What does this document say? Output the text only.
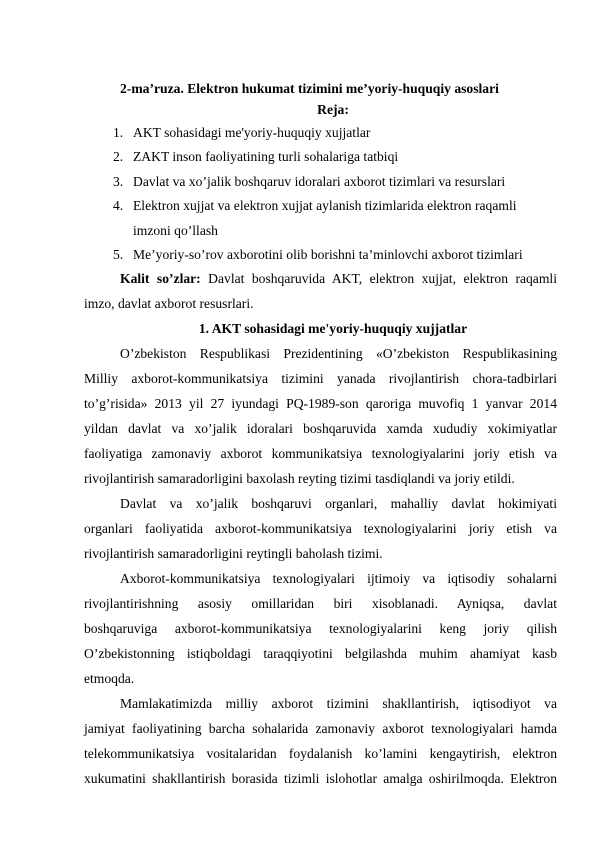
2-ma’ruza. Elektron hukumat tizimini me’yoriy-huquqiy asoslari
Reja:
1. AKT sohasidagi me'yoriy-huquqiy xujjatlar
2. ZAKT inson faoliyatining turli sohalariga tatbiqi
3. Davlat va xo’jalik boshqaruv idoralari axborot tizimlari va resurslari
4. Elektron xujjat va elektron xujjat aylanish tizimlarida elektron raqamli
imzoni qo’llash
5. Me’yoriy-so’rov axborotini olib borishni ta’minlovchi axborot tizimlari
Kalit so’zlar: Davlat boshqaruvida AKT, elektron xujjat, elektron raqamli
imzo, davlat axborot resusrlari.
1. AKT sohasidagi me'yoriy-huquqiy xujjatlar
O’zbekiston Respublikasi Prezidentining «O’zbekiston Respublikasining
Milliy axborot-kommunikatsiya tizimini yanada rivojlantirish chora-tadbirlari
to’g’risida» 2013 yil 27 iyundagi PQ-1989-son qaroriga muvofiq 1 yanvar 2014
yildan davlat va xo’jalik idoralari boshqaruvida xamda xududiy xokimiyatlar
faoliyatiga zamonaviy axborot kommunikatsiya texnologiyalarini joriy etish va
rivojlantirish samaradorligini baxolash reyting tizimi tasdiqlandi va joriy etildi.
Davlat va xo’jalik boshqaruvi organlari, mahalliy davlat hokimiyati
organlari faoliyatida axborot-kommunikatsiya texnologiyalarini joriy etish va
rivojlantirish samaradorligini reytingli baholash tizimi.
Axborot-kommunikatsiya texnologiyalari ijtimoiy va iqtisodiy sohalarni
rivojlantirishning asosiy omillaridan biri xisoblanadi. Ayniqsa, davlat
boshqaruviga axborot-kommunikatsiya texnologiyalarini keng joriy qilish
O’zbekistonning istiqboldagi taraqqiyotini belgilashda muhim ahamiyat kasb
etmoqda.
Mamlakatimizda milliy axborot tizimini shakllantirish, iqtisodiyot va
jamiyat faoliyatining barcha sohalarida zamonaviy axborot texnologiyalari hamda
telekommunikatsiya vositalaridan foydalanish ko’lamini kengaytirish, elektron
xukumatini shakllantirish borasida tizimli islohotlar amalga oshirilmoqda. Elektron
